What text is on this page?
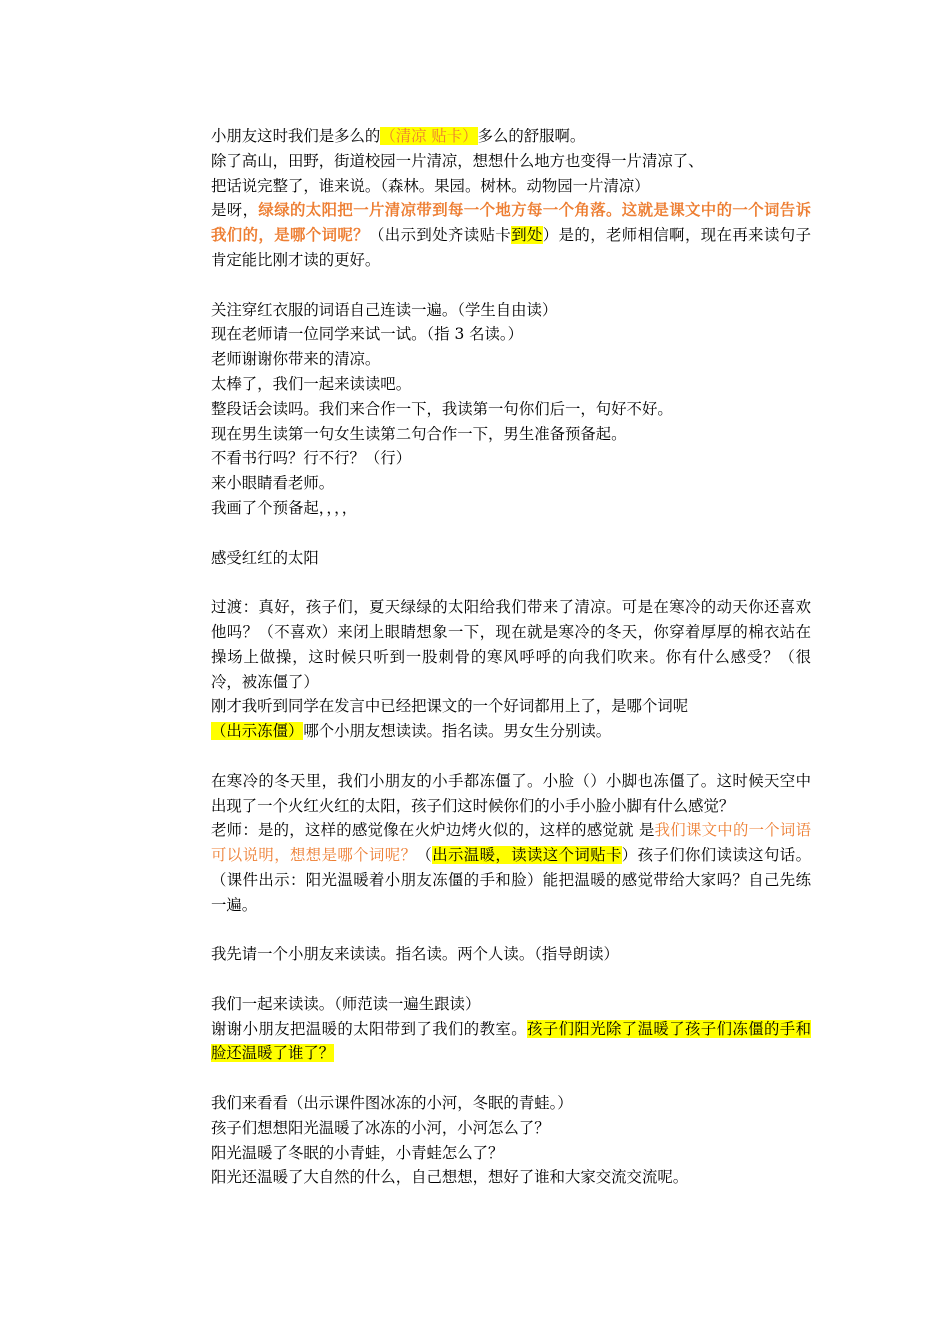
小朋友这时我们是多么的（清凉 贴卡）多么的舒服啊。

除了高山，田野，街道校园一片清凉，想想什么地方也变得一片清凉了、

把话说完整了，谁来说。（森林。果园。树林。动物园一片清凉）

是呀，绿绿的太阳把一片清凉带到每一个地方每一个角落。这就是课文中的一个词告诉我们的，是哪个词呢？（出示到处齐读贴卡到处）是的，老师相信啊，现在再来读句子肯定能比刚才读的更好。

关注穿红衣服的词语自己连读一遍。（学生自由读）

现在老师请一位同学来试一试。（指 3 名读。）

老师谢谢你带来的清凉。

太棒了，我们一起来读读吧。

整段话会读吗。我们来合作一下，我读第一句你们后一，句好不好。

现在男生读第一句女生读第二句合作一下，男生准备预备起。

不看书行吗？行不行？（行）

来小眼睛看老师。

我画了个预备起，，，，

感受红红的太阳

过渡：真好，孩子们，夏天绿绿的太阳给我们带来了清凉。可是在寒冷的动天你还喜欢他吗？（不喜欢）来闭上眼睛想象一下，现在就是寒冷的冬天，你穿着厚厚的棉衣站在操场上做操，这时候只听到一股刺骨的寒风呼呼的向我们吹来。你有什么感受？（很冷，被冻僵了）

刚才我听到同学在发言中已经把课文的一个好词都用上了，是哪个词呢

（出示冻僵）哪个小朋友想读读。指名读。男女生分别读。

在寒冷的冬天里，我们小朋友的小手都冻僵了。小脸（）小脚也冻僵了。这时候天空中出现了一个火红火红的太阳，孩子们这时候你们的小手小脸小脚有什么感觉？

老师：是的，这样的感觉像在火炉边烤火似的，这样的感觉就 是我们课文中的一个词语可以说明，想想是哪个词呢？（出示温暖，读读这个词贴卡）孩子们你们读读这句话。（课件出示：阳光温暖着小朋友冻僵的手和脸）能把温暖的感觉带给大家吗？自己先练一遍。

我先请一个小朋友来读读。指名读。两个人读。（指导朗读）

我们一起来读读。（师范读一遍生跟读）

谢谢小朋友把温暖的太阳带到了我们的教室。孩子们阳光除了温暖了孩子们冻僵的手和脸还温暖了谁了？

我们来看看（出示课件图冰冻的小河，冬眠的青蛙。）

孩子们想想阳光温暖了冰冻的小河，小河怎么了？

阳光温暖了冬眠的小青蛙，小青蛙怎么了？

阳光还温暖了大自然的什么，自己想想，想好了谁和大家交流交流呢。
